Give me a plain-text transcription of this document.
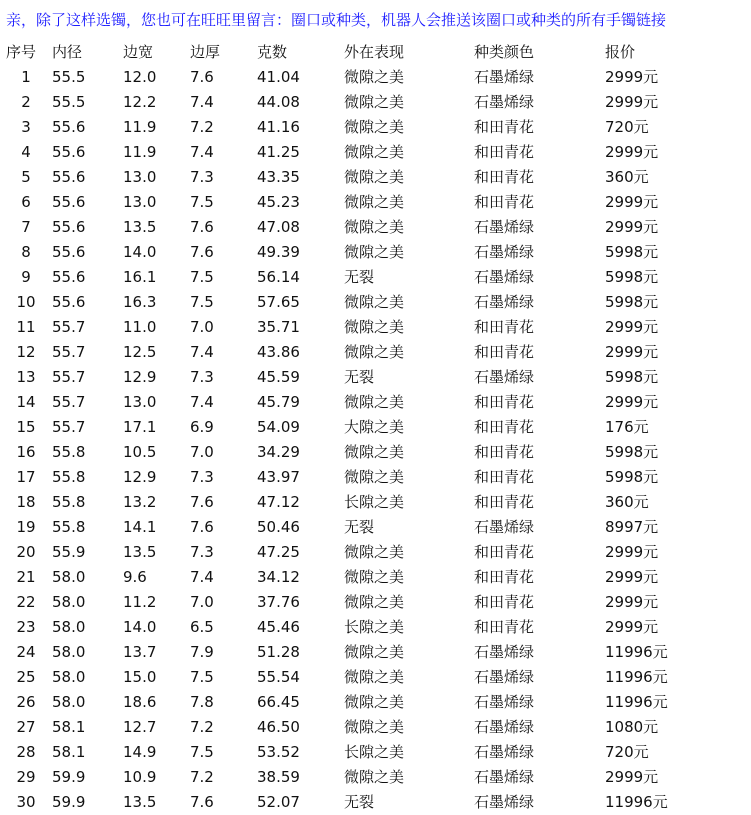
亲，除了这样选镯，您也可在旺旺里留言：圈口或种类，机器人会推送该圈口或种类的所有手镯链接
序号	内径	边宽	边厚	克数	外在表现	种类颜色	报价
1	55.5	12.0	7.6	41.04	微隙之美	石墨烯绿	2999元
2	55.5	12.2	7.4	44.08	微隙之美	石墨烯绿	2999元
3	55.6	11.9	7.2	41.16	微隙之美	和田青花	720元
4	55.6	11.9	7.4	41.25	微隙之美	和田青花	2999元
5	55.6	13.0	7.3	43.35	微隙之美	和田青花	360元
6	55.6	13.0	7.5	45.23	微隙之美	和田青花	2999元
7	55.6	13.5	7.6	47.08	微隙之美	石墨烯绿	2999元
8	55.6	14.0	7.6	49.39	微隙之美	石墨烯绿	5998元
9	55.6	16.1	7.5	56.14	无裂	石墨烯绿	5998元
10	55.6	16.3	7.5	57.65	微隙之美	石墨烯绿	5998元
11	55.7	11.0	7.0	35.71	微隙之美	和田青花	2999元
12	55.7	12.5	7.4	43.86	微隙之美	和田青花	2999元
13	55.7	12.9	7.3	45.59	无裂	石墨烯绿	5998元
14	55.7	13.0	7.4	45.79	微隙之美	和田青花	2999元
15	55.7	17.1	6.9	54.09	大隙之美	和田青花	176元
16	55.8	10.5	7.0	34.29	微隙之美	和田青花	5998元
17	55.8	12.9	7.3	43.97	微隙之美	和田青花	5998元
18	55.8	13.2	7.6	47.12	长隙之美	和田青花	360元
19	55.8	14.1	7.6	50.46	无裂	石墨烯绿	8997元
20	55.9	13.5	7.3	47.25	微隙之美	和田青花	2999元
21	58.0	9.6	7.4	34.12	微隙之美	和田青花	2999元
22	58.0	11.2	7.0	37.76	微隙之美	和田青花	2999元
23	58.0	14.0	6.5	45.46	长隙之美	和田青花	2999元
24	58.0	13.7	7.9	51.28	微隙之美	石墨烯绿	11996元
25	58.0	15.0	7.5	55.54	微隙之美	石墨烯绿	11996元
26	58.0	18.6	7.8	66.45	微隙之美	石墨烯绿	11996元
27	58.1	12.7	7.2	46.50	微隙之美	石墨烯绿	1080元
28	58.1	14.9	7.5	53.52	长隙之美	石墨烯绿	720元
29	59.9	10.9	7.2	38.59	微隙之美	石墨烯绿	2999元
30	59.9	13.5	7.6	52.07	无裂	石墨烯绿	11996元
